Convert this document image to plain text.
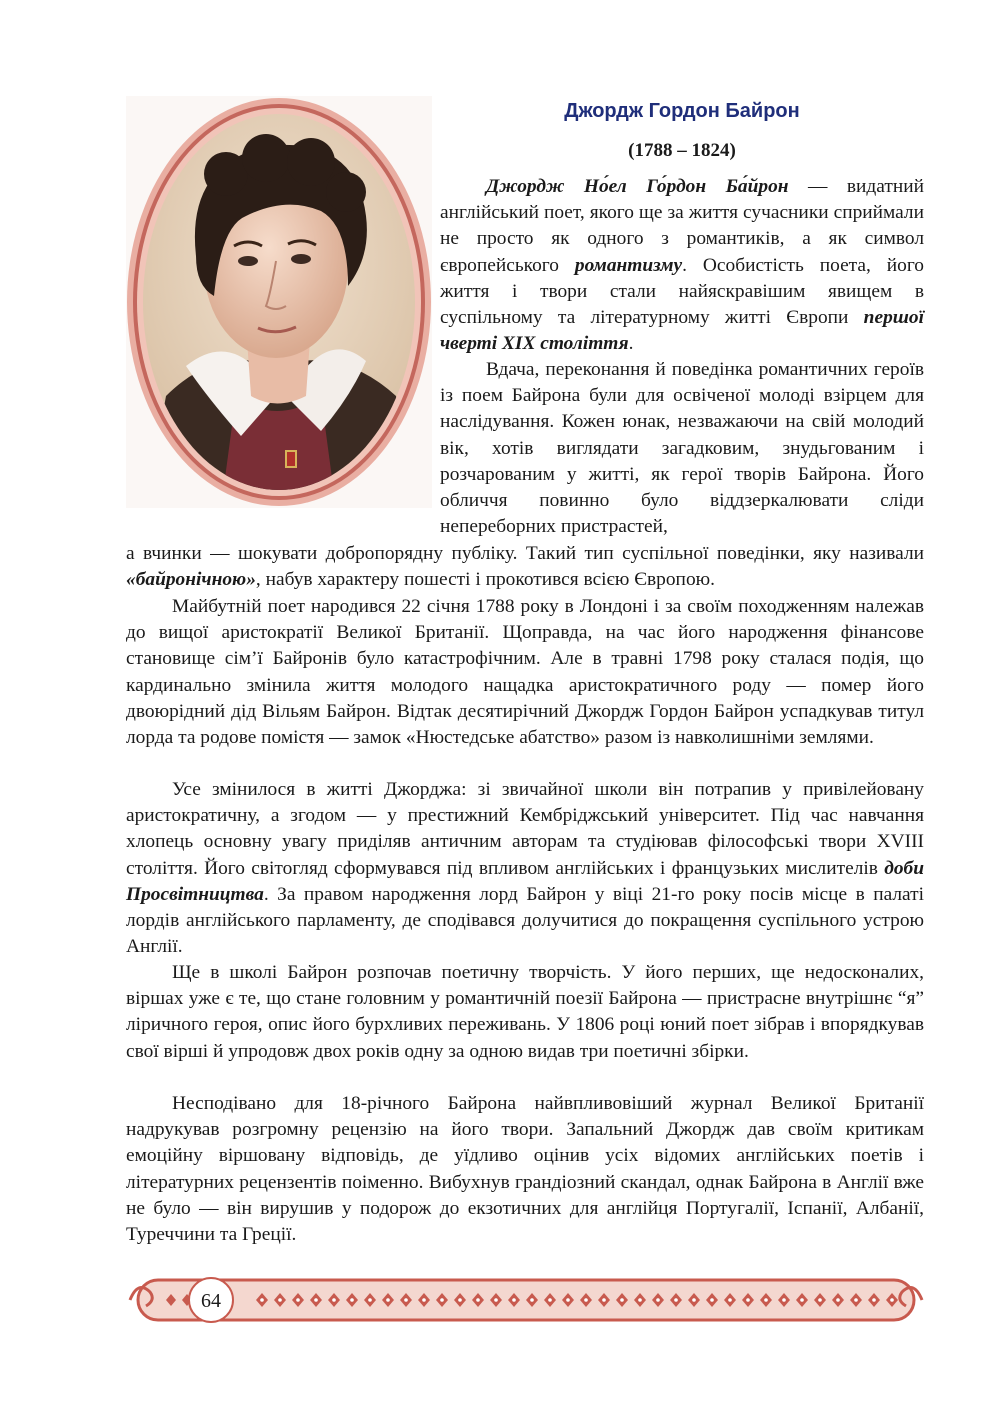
Джордж Гордон Байрон
(1788 – 1824)

Джордж Но́ел Го́рдон Ба́йрон — видатний англійський поет, якого ще за життя сучасники сприймали не просто як одного з романтиків, а як символ європейського романтизму. Особистість поета, його життя і твори стали найяскравішим явищем в суспільному та літературному житті Європи першої чверті XIX століття.

Вдача, переконання й поведінка романтичних героїв із поем Байрона були для освіченої молоді взірцем для наслідування. Кожен юнак, незважаючи на свій молодий вік, хотів виглядати загадковим, знудьгованим і розчарованим у житті, як герої творів Байрона. Його обличчя повинно було віддзеркалювати сліди непереборних пристрастей,

а вчинки — шокувати добропорядну публіку. Такий тип суспільної поведінки, яку називали «байронічною», набув характеру пошесті і прокотився всією Європою.

Майбутній поет народився 22 січня 1788 року в Лондоні і за своїм походженням належав до вищої аристократії Великої Британії. Щоправда, на час його народження фінансове становище сім’ї Байронів було катастрофічним. Але в травні 1798 року сталася подія, що кардинально змінила життя молодого нащадка аристократичного роду — помер його двоюрідний дід Вільям Байрон. Відтак десятирічний Джордж Гордон Байрон успадкував титул лорда та родове помістя — замок «Нюстедське абатство» разом із навколишніми землями.

Усе змінилося в житті Джорджа: зі звичайної школи він потрапив у привілейовану аристократичну, а згодом — у престижний Кембріджський університет. Під час навчання хлопець основну увагу приділяв античним авторам та студіював філософські твори XVIII століття. Його світогляд сформувався під впливом англійських і французьких мислителів доби Просвітництва. За правом народження лорд Байрон у віці 21-го року посів місце в палаті лордів англійського парламенту, де сподівався долучитися до покращення суспільного устрою Англії.

Ще в школі Байрон розпочав поетичну творчість. У його перших, ще недосконалих, віршах уже є те, що стане головним у романтичній поезії Байрона — пристрасне внутрішнє “я” ліричного героя, опис його бурхливих переживань. У 1806 році юний поет зібрав і впорядкував свої вірші й упродовж двох років одну за одною видав три поетичні збірки.

Несподівано для 18-річного Байрона найвпливовіший журнал Великої Британії надрукував розгромну рецензію на його твори. Запальний Джордж дав своїм критикам емоційну віршовану відповідь, де уїдливо оцінив усіх відомих англійських поетів і літературних рецензентів поіменно. Вибухнув грандіозний скандал, однак Байрона в Англії вже не було — він вирушив у подорож до екзотичних для англійця Португалії, Іспанії, Албанії, Туреччини та Греції.

64
